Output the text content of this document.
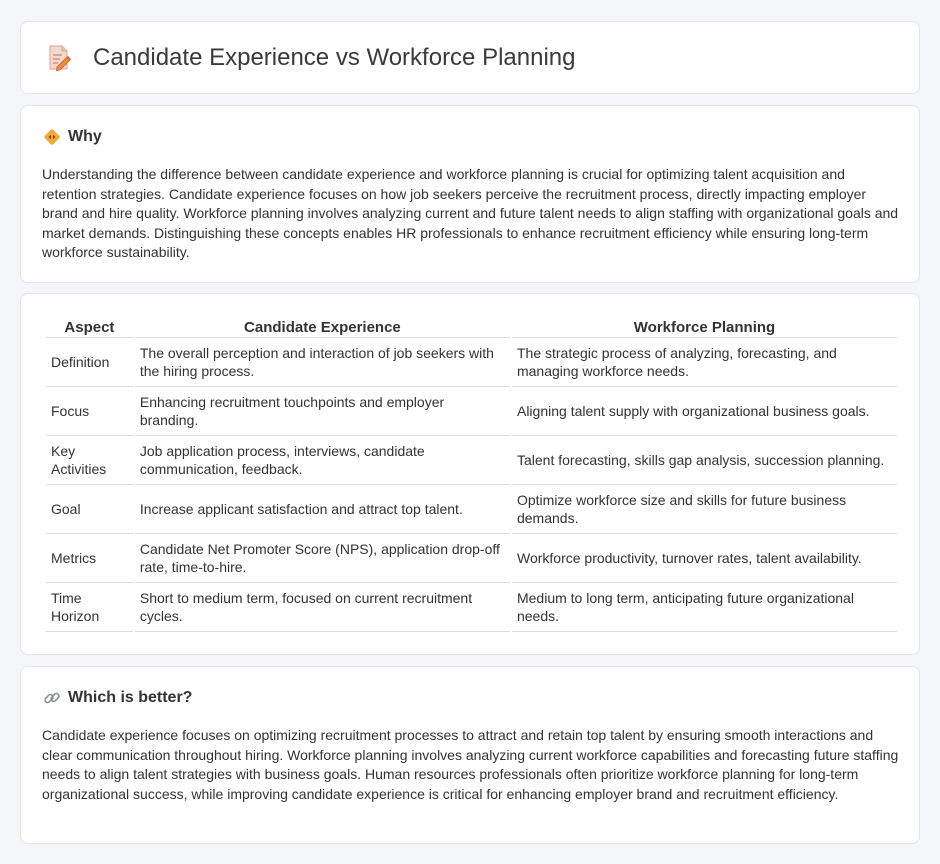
Candidate Experience vs Workforce Planning
Why

Understanding the difference between candidate experience and workforce planning is crucial for optimizing talent acquisition and retention strategies. Candidate experience focuses on how job seekers perceive the recruitment process, directly impacting employer brand and hire quality. Workforce planning involves analyzing current and future talent needs to align staffing with organizational goals and market demands. Distinguishing these concepts enables HR professionals to enhance recruitment efficiency while ensuring long-term workforce sustainability.

Aspect	Candidate Experience	Workforce Planning
Definition	The overall perception and interaction of job seekers with the hiring process.	The strategic process of analyzing, forecasting, and managing workforce needs.
Focus	Enhancing recruitment touchpoints and employer branding.	Aligning talent supply with organizational business goals.
Key Activities	Job application process, interviews, candidate communication, feedback.	Talent forecasting, skills gap analysis, succession planning.
Goal	Increase applicant satisfaction and attract top talent.	Optimize workforce size and skills for future business demands.
Metrics	Candidate Net Promoter Score (NPS), application drop-off rate, time-to-hire.	Workforce productivity, turnover rates, talent availability.
Time Horizon	Short to medium term, focused on current recruitment cycles.	Medium to long term, anticipating future organizational needs.
Which is better?

Candidate experience focuses on optimizing recruitment processes to attract and retain top talent by ensuring smooth interactions and clear communication throughout hiring. Workforce planning involves analyzing current workforce capabilities and forecasting future staffing needs to align talent strategies with business goals. Human resources professionals often prioritize workforce planning for long-term organizational success, while improving candidate experience is critical for enhancing employer brand and recruitment efficiency.
